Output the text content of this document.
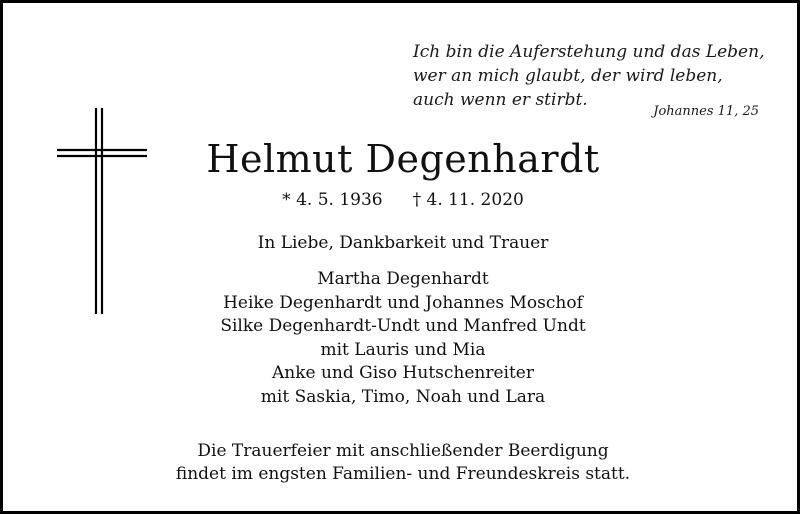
Ich bin die Auferstehung und das Leben,
wer an mich glaubt, der wird leben,
auch wenn er stirbt.
Johannes 11, 25
Helmut Degenhardt
* 4. 5. 1936 † 4. 11. 2020
In Liebe, Dankbarkeit und Trauer
Martha Degenhardt
Heike Degenhardt und Johannes Moschof
Silke Degenhardt-Undt und Manfred Undt
mit Lauris und Mia
Anke und Giso Hutschenreiter
mit Saskia, Timo, Noah und Lara
Die Trauerfeier mit anschließender Beerdigung
findet im engsten Familien- und Freundeskreis statt.
